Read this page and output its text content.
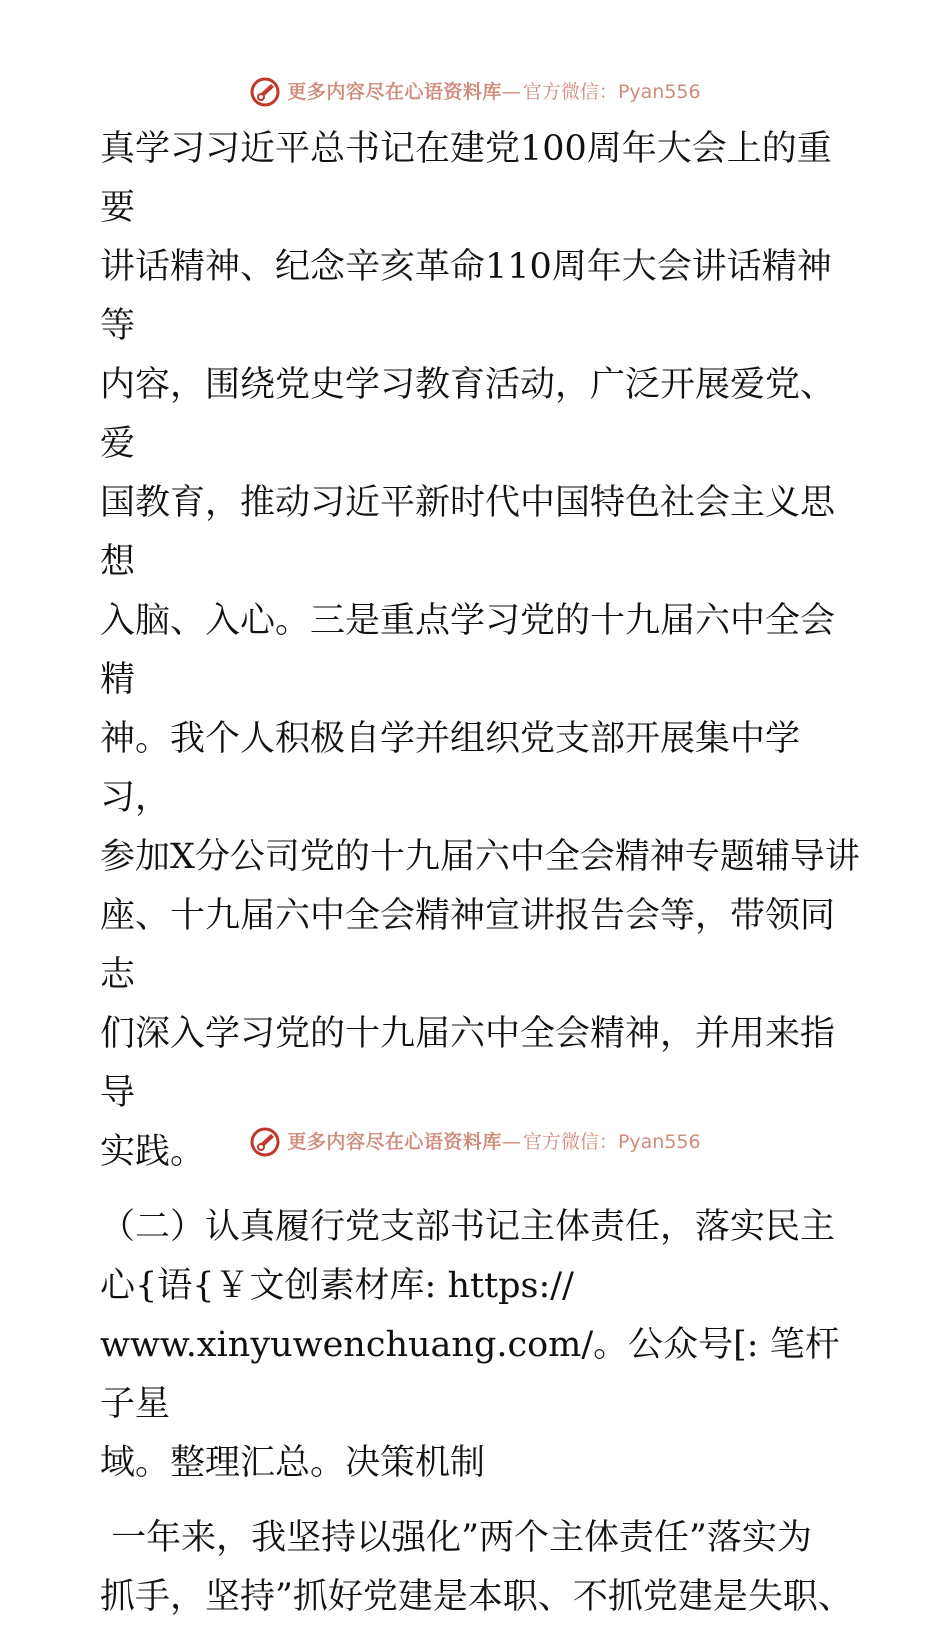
更多内容尽在心语资料库 — 官方微信： Pyan556

真学习习近平总书记在建党100周年大会上的重要

讲话精神、纪念辛亥革命110周年大会讲话精神等

内容，围绕党史学习教育活动，广泛开展爱党、爱

国教育，推动习近平新时代中国特色社会主义思想

入脑、入心。三是重点学习党的十九届六中全会精

神。我个人积极自学并组织党支部开展集中学习，

参加X分公司党的十九届六中全会精神专题辅导讲

座、十九届六中全会精神宣讲报告会等，带领同志

们深入学习党的十九届六中全会精神，并用来指导

实践。

（二）认真履行党支部书记主体责任，落实民主

心{语{￥文创素材库: https://

www.xinyuwenchuang.com/。公众号[: 笔杆子星

域。整理汇总。决策机制

一年来，我坚持以强化”两个主体责任”落实为

抓手，坚持”抓好党建是本职、不抓党建是失职、

更多内容尽在心语资料库 — 官方微信： Pyan556
